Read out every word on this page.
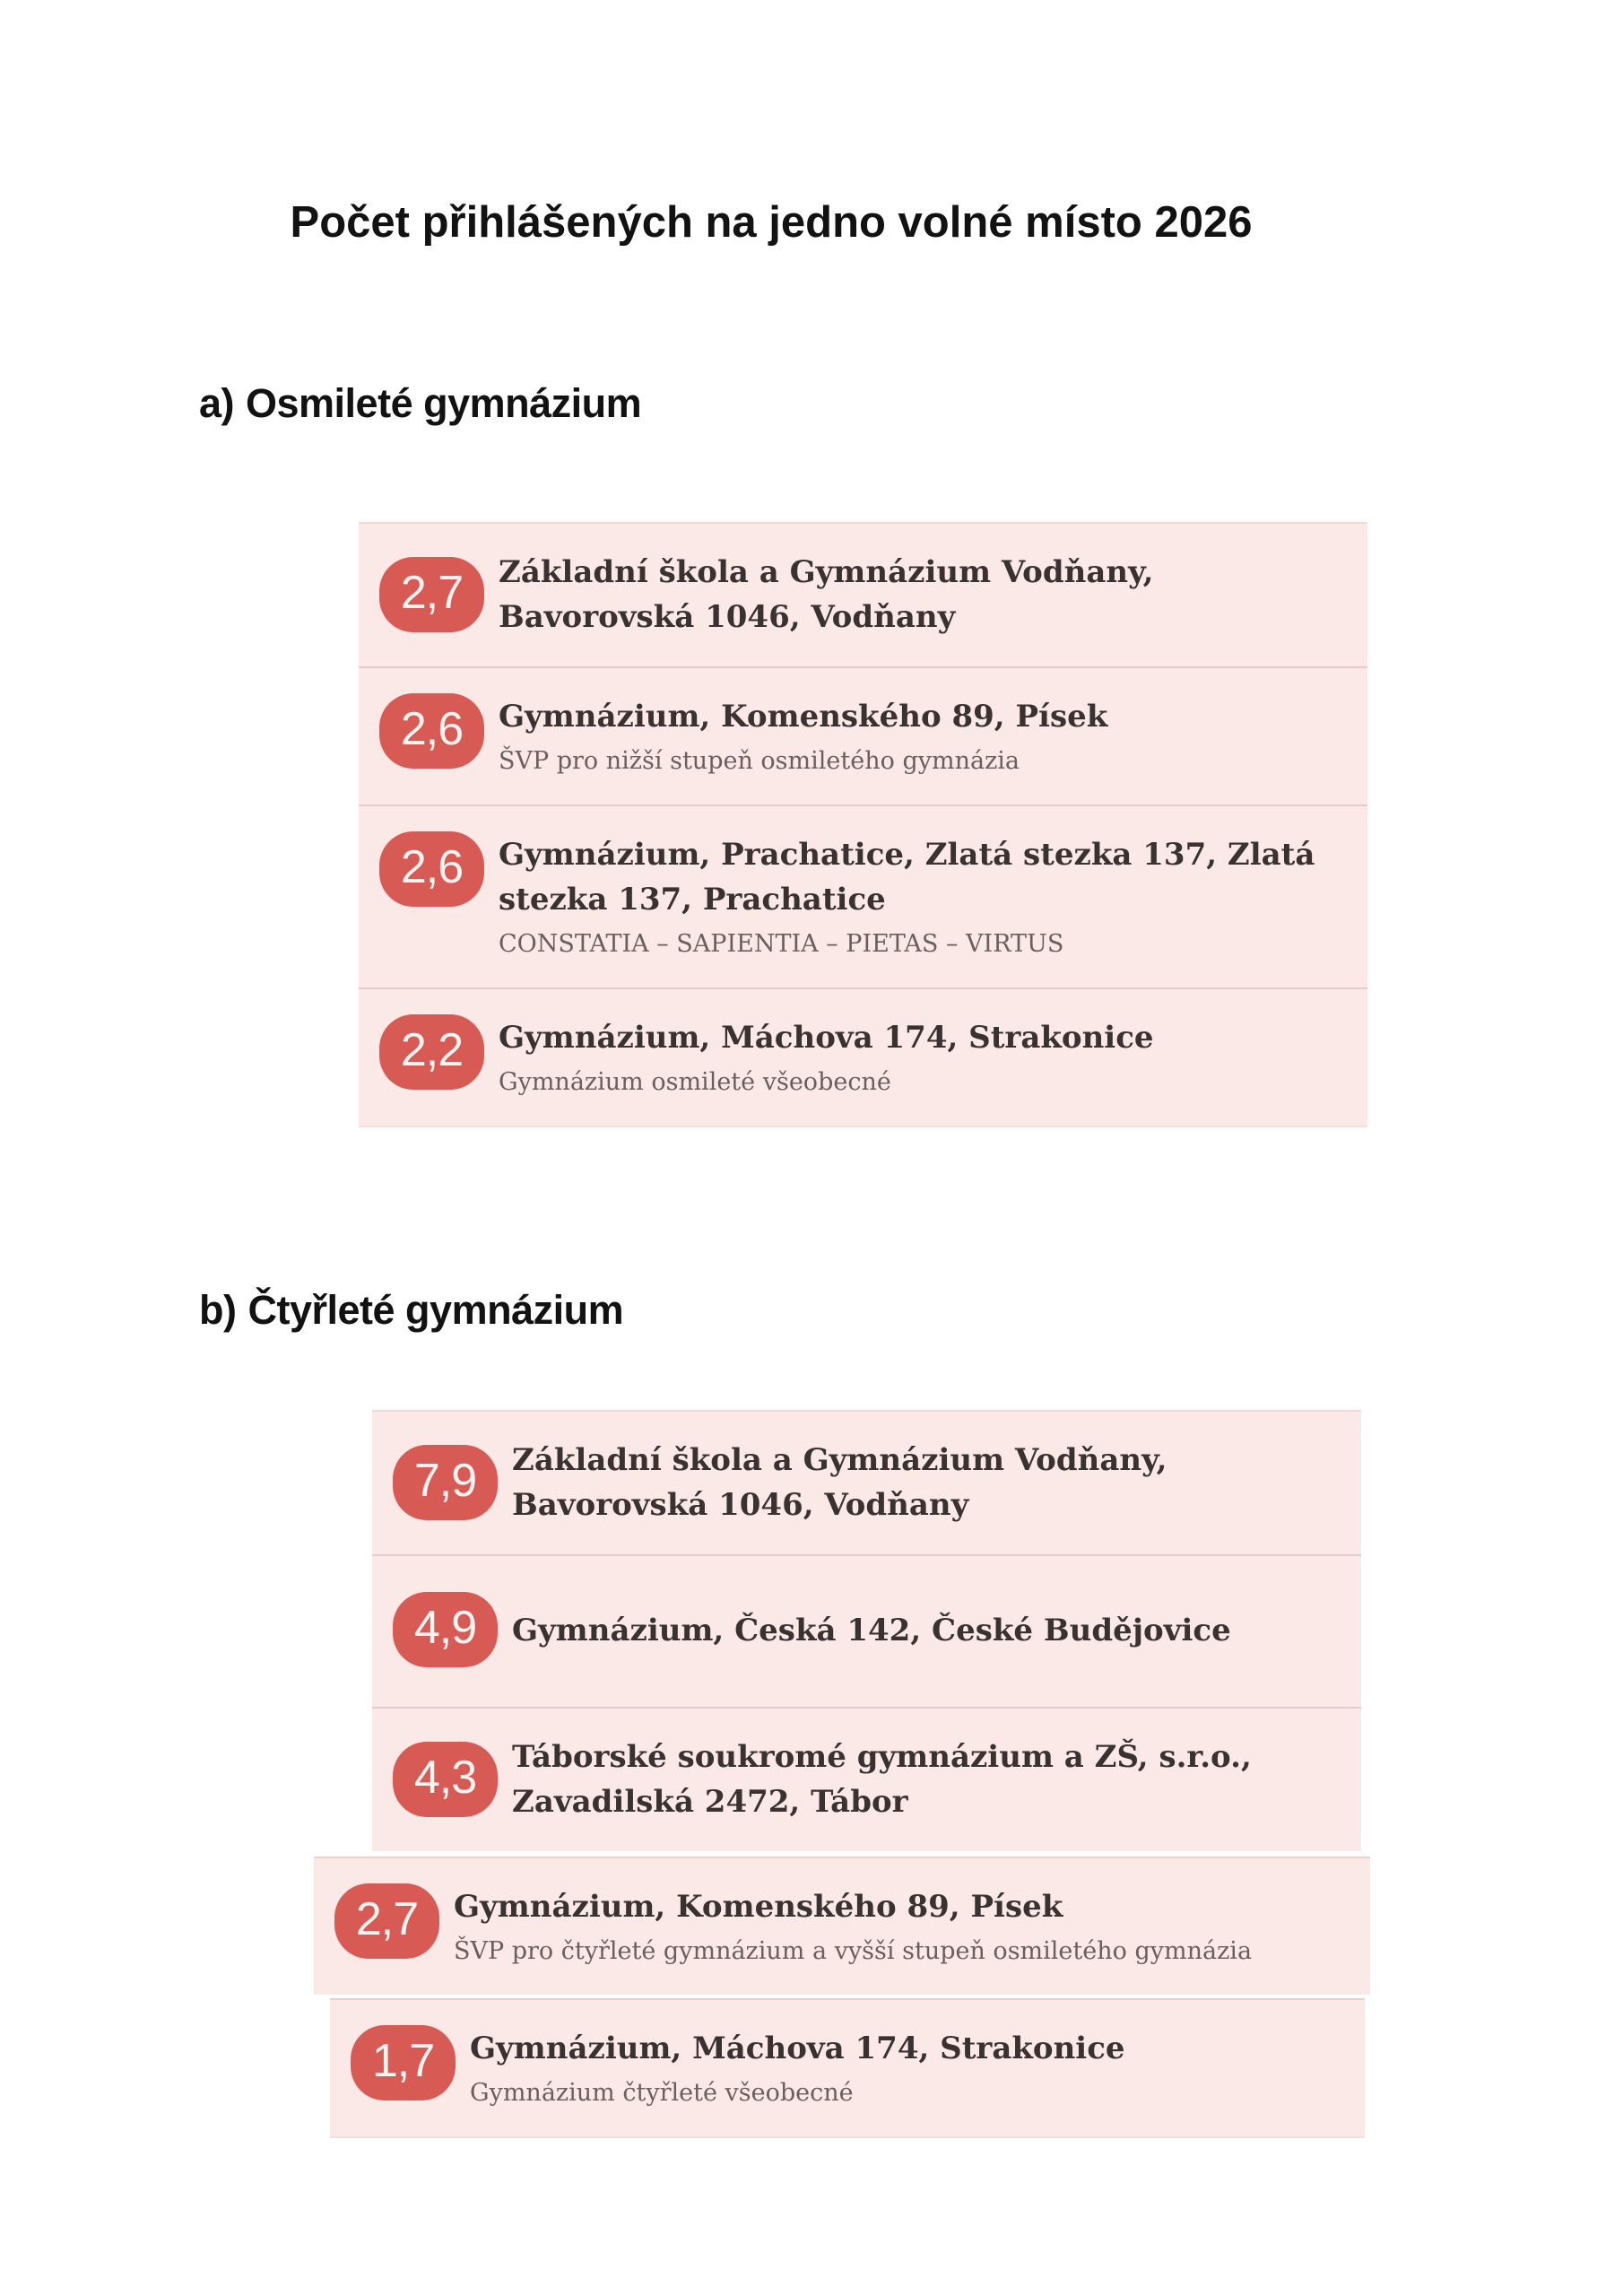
Počet přihlášených na jedno volné místo 2026
a) Osmileté gymnázium
2,7	Základní škola a Gymnázium Vodňany, Bavorovská 1046, Vodňany
2,6	Gymnázium, Komenského 89, Písek
ŠVP pro nižší stupeň osmiletého gymnázia
2,6	Gymnázium, Prachatice, Zlatá stezka 137, Zlatá stezka 137, Prachatice
CONSTATIA – SAPIENTIA – PIETAS – VIRTUS
2,2	Gymnázium, Máchova 174, Strakonice
Gymnázium osmileté všeobecné
b) Čtyřleté gymnázium
7,9	Základní škola a Gymnázium Vodňany, Bavorovská 1046, Vodňany
4,9	Gymnázium, Česká 142, České Budějovice
4,3	Táborské soukromé gymnázium a ZŠ, s.r.o., Zavadilská 2472, Tábor
2,7	Gymnázium, Komenského 89, Písek
ŠVP pro čtyřleté gymnázium a vyšší stupeň osmiletého gymnázia
1,7	Gymnázium, Máchova 174, Strakonice
Gymnázium čtyřleté všeobecné
